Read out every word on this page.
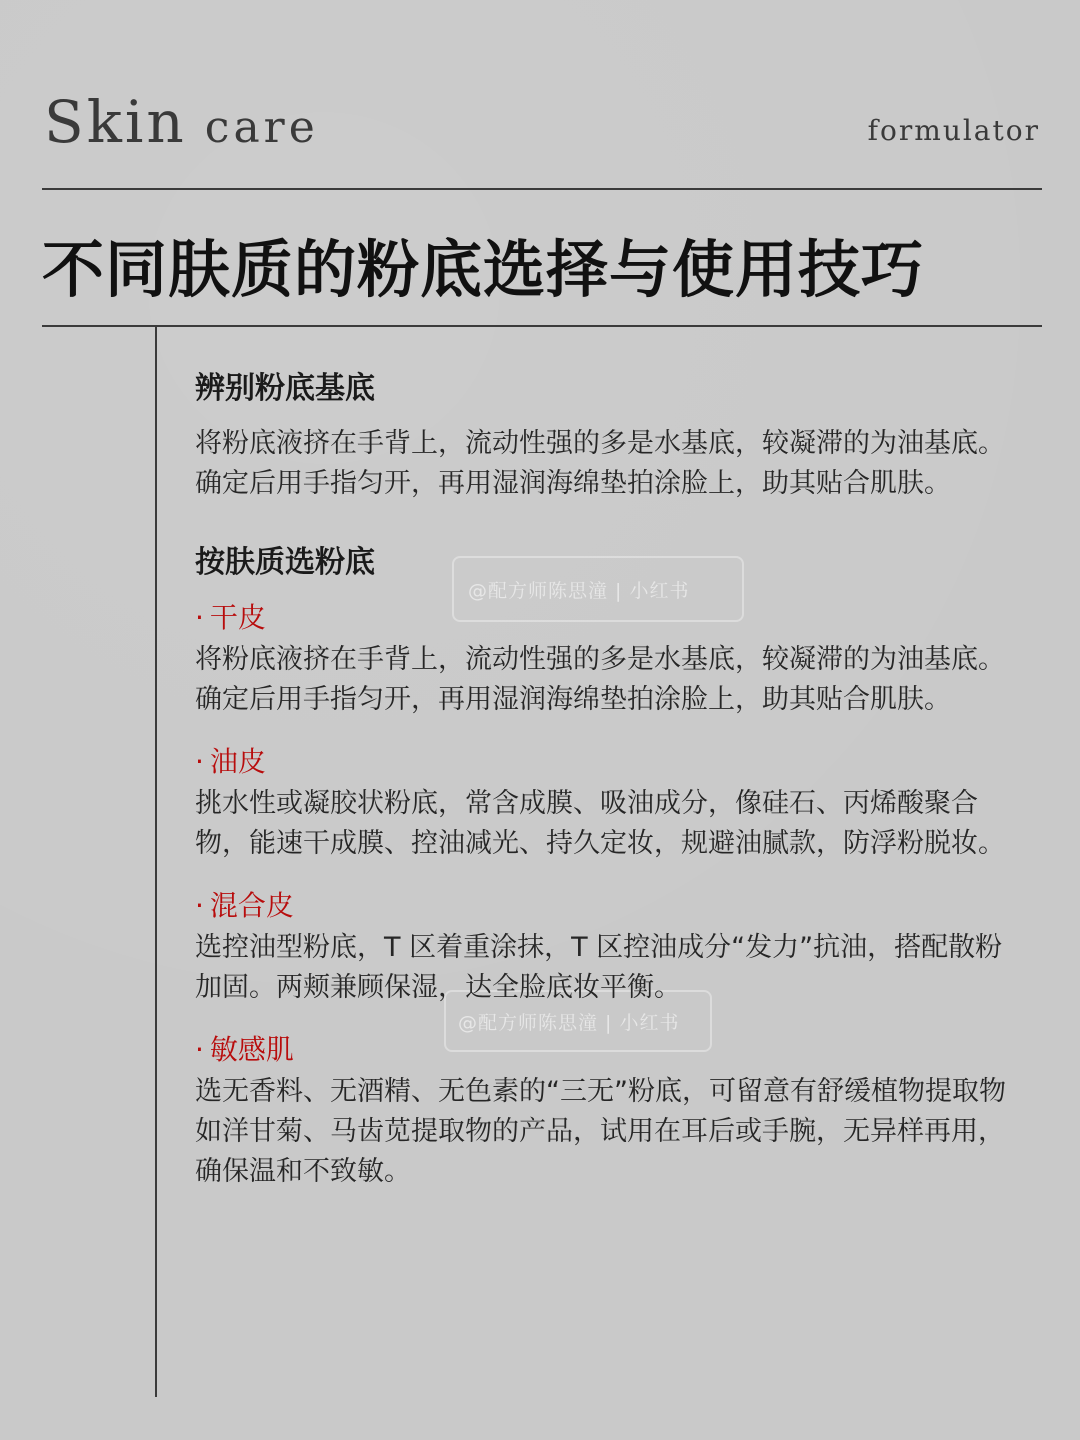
Skin care	formulator
不同肤质的粉底选择与使用技巧
@配方师陈思潼 | 小红书
@配方师陈思潼 | 小红书
辨别粉底基底

将粉底液挤在手背上，流动性强的多是水基底，较凝滞的为油基底。确定后用手指匀开，再用湿润海绵垫拍涂脸上，助其贴合肌肤。

按肤质选粉底
· 干皮

将粉底液挤在手背上，流动性强的多是水基底，较凝滞的为油基底。确定后用手指匀开，再用湿润海绵垫拍涂脸上，助其贴合肌肤。

· 油皮

挑水性或凝胶状粉底，常含成膜、吸油成分，像硅石、丙烯酸聚合物，能速干成膜、控油减光、持久定妆，规避油腻款，防浮粉脱妆。

· 混合皮

选控油型粉底，T 区着重涂抹，T 区控油成分“发力”抗油，搭配散粉加固。两颊兼顾保湿，达全脸底妆平衡。

· 敏感肌

选无香料、无酒精、无色素的“三无”粉底，可留意有舒缓植物提取物如洋甘菊、马齿苋提取物的产品，试用在耳后或手腕，无异样再用，确保温和不致敏。
